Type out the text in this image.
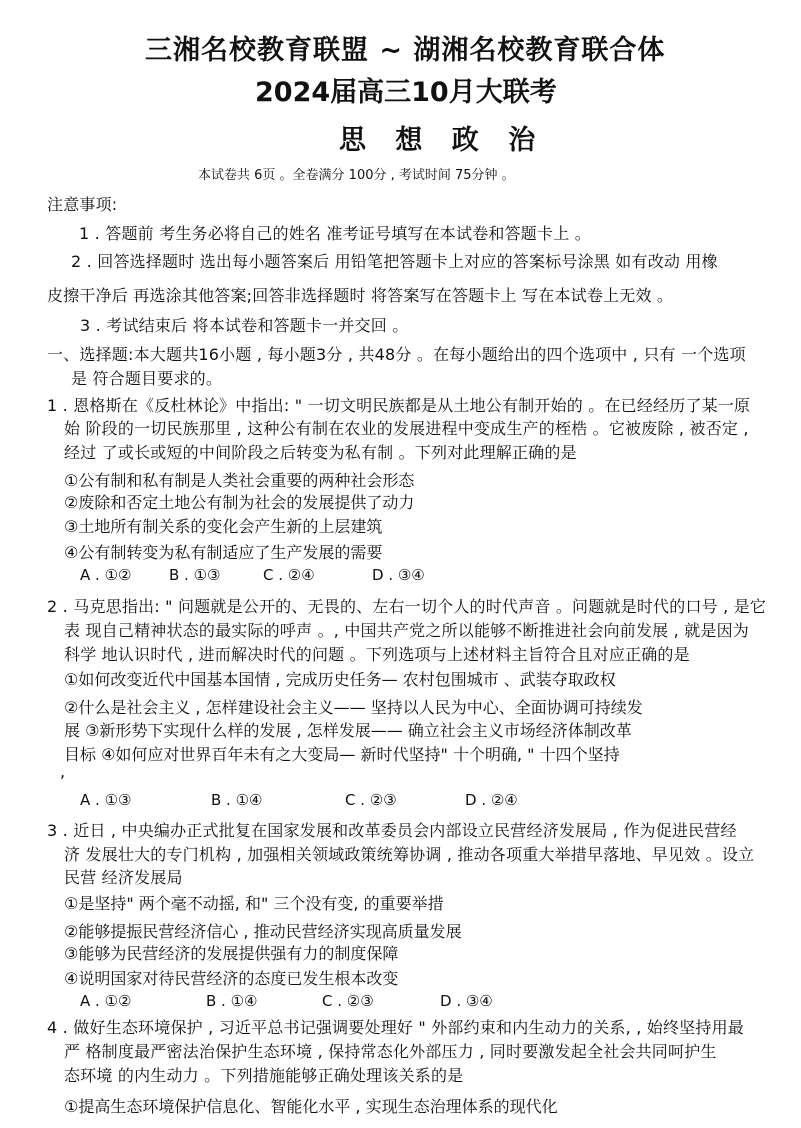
三湘名校教育联盟 ~ 湖湘名校教育联合体
2024届高三10月大联考
思 想 政 治
本试卷共 6页 。全卷满分 100分 , 考试时间 75分钟 。
注意事项:
1 . 答题前 考生务必将自己的姓名 准考证号填写在本试卷和答题卡上 。
2 . 回答选择题时 选出每小题答案后 用铅笔把答题卡上对应的答案标号涂黑 如有改动 用橡
皮擦干净后 再选涂其他答案;回答非选择题时 将答案写在答题卡上 写在本试卷上无效 。
3 . 考试结束后 将本试卷和答题卡一并交回 。
一、选择题:本大题共16小题 , 每小题3分 , 共48分 。在每小题给出的四个选项中 , 只有 一个选项
是 符合题目要求的。
1 . 恩格斯在《反杜林论》中指出: " 一切文明民族都是从土地公有制开始的 。在已经经历了某一原
始 阶段的一切民族那里 , 这种公有制在农业的发展进程中变成生产的桎梏 。它被废除 , 被否定 ,
经过 了或长或短的中间阶段之后转变为私有制 。下列对此理解正确的是
①公有制和私有制是人类社会重要的两种社会形态
②废除和否定土地公有制为社会的发展提供了动力
③土地所有制关系的变化会产生新的上层建筑
④公有制转变为私有制适应了生产发展的需要
A . ①②	B . ①③	C . ②④	D . ③④
2 . 马克思指出: " 问题就是公开的、无畏的、左右一切个人的时代声音 。问题就是时代的口号 , 是它
表 现自己精神状态的最实际的呼声 。, 中国共产党之所以能够不断推进社会向前发展 , 就是因为
科学 地认识时代 , 进而解决时代的问题 。下列选项与上述材料主旨符合且对应正确的是
①如何改变近代中国基本国情 , 完成历史任务— 农村包围城市 、武装夺取政权
②什么是社会主义 , 怎样建设社会主义—— 坚持以人民为中心、全面协调可持续发
展 ③新形势下实现什么样的发展 , 怎样发展—— 确立社会主义市场经济体制改革
目标 ④如何应对世界百年未有之大变局— 新时代坚持" 十个明确, " 十四个坚持
,
A . ①③	B . ①④	C . ②③	D . ②④
3 . 近日 , 中央编办正式批复在国家发展和改革委员会内部设立民营经济发展局 , 作为促进民营经
济 发展壮大的专门机构 , 加强相关领域政策统筹协调 , 推动各项重大举措早落地、早见效 。设立
民营 经济发展局
①是坚持" 两个毫不动摇, 和" 三个没有变, 的重要举措
②能够提振民营经济信心 , 推动民营经济实现高质量发展
③能够为民营经济的发展提供强有力的制度保障
④说明国家对待民营经济的态度已发生根本改变
A . ①②	B . ①④	C . ②③	D . ③④
4 . 做好生态环境保护 , 习近平总书记强调要处理好 " 外部约束和内生动力的关系, , 始终坚持用最
严 格制度最严密法治保护生态环境 , 保持常态化外部压力 , 同时要激发起全社会共同呵护生
态环境 的内生动力 。下列措施能够正确处理该关系的是
①提高生态环境保护信息化、智能化水平 , 实现生态治理体系的现代化
